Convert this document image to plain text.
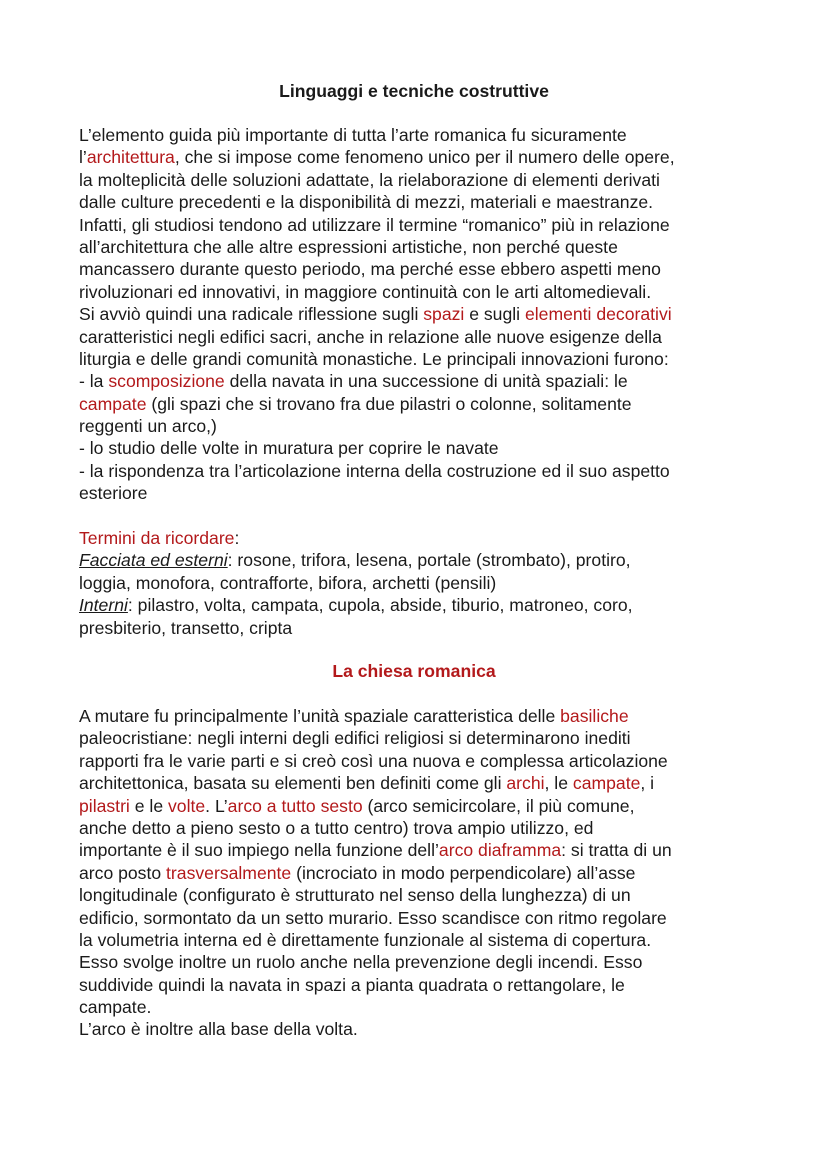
Linguaggi e tecniche costruttive
L’elemento guida più importante di tutta l’arte romanica fu sicuramente
l’architettura, che si impose come fenomeno unico per il numero delle opere,
la molteplicità delle soluzioni adattate, la rielaborazione di elementi derivati
dalle culture precedenti e la disponibilità di mezzi, materiali e maestranze.
Infatti, gli studiosi tendono ad utilizzare il termine “romanico” più in relazione
all’architettura che alle altre espressioni artistiche, non perché queste
mancassero durante questo periodo, ma perché esse ebbero aspetti meno
rivoluzionari ed innovativi, in maggiore continuità con le arti altomedievali.
Si avviò quindi una radicale riflessione sugli spazi e sugli elementi decorativi
caratteristici negli edifici sacri, anche in relazione alle nuove esigenze della
liturgia e delle grandi comunità monastiche. Le principali innovazioni furono:
- la scomposizione della navata in una successione di unità spaziali: le
campate (gli spazi che si trovano fra due pilastri o colonne, solitamente
reggenti un arco,)
- lo studio delle volte in muratura per coprire le navate
- la rispondenza tra l’articolazione interna della costruzione ed il suo aspetto
esteriore
Termini da ricordare:
Facciata ed esterni: rosone, trifora, lesena, portale (strombato), protiro,
loggia, monofora, contrafforte, bifora, archetti (pensili)
Interni: pilastro, volta, campata, cupola, abside, tiburio, matroneo, coro,
presbiterio, transetto, cripta
La chiesa romanica
A mutare fu principalmente l’unità spaziale caratteristica delle basiliche
paleocristiane: negli interni degli edifici religiosi si determinarono inediti
rapporti fra le varie parti e si creò così una nuova e complessa articolazione
architettonica, basata su elementi ben definiti come gli archi, le campate, i
pilastri e le volte. L’arco a tutto sesto (arco semicircolare, il più comune,
anche detto a pieno sesto o a tutto centro) trova ampio utilizzo, ed
importante è il suo impiego nella funzione dell’arco diaframma: si tratta di un
arco posto trasversalmente (incrociato in modo perpendicolare) all’asse
longitudinale (configurato è strutturato nel senso della lunghezza) di un
edificio, sormontato da un setto murario. Esso scandisce con ritmo regolare
la volumetria interna ed è direttamente funzionale al sistema di copertura.
Esso svolge inoltre un ruolo anche nella prevenzione degli incendi. Esso
suddivide quindi la navata in spazi a pianta quadrata o rettangolare, le
campate.
L’arco è inoltre alla base della volta.
